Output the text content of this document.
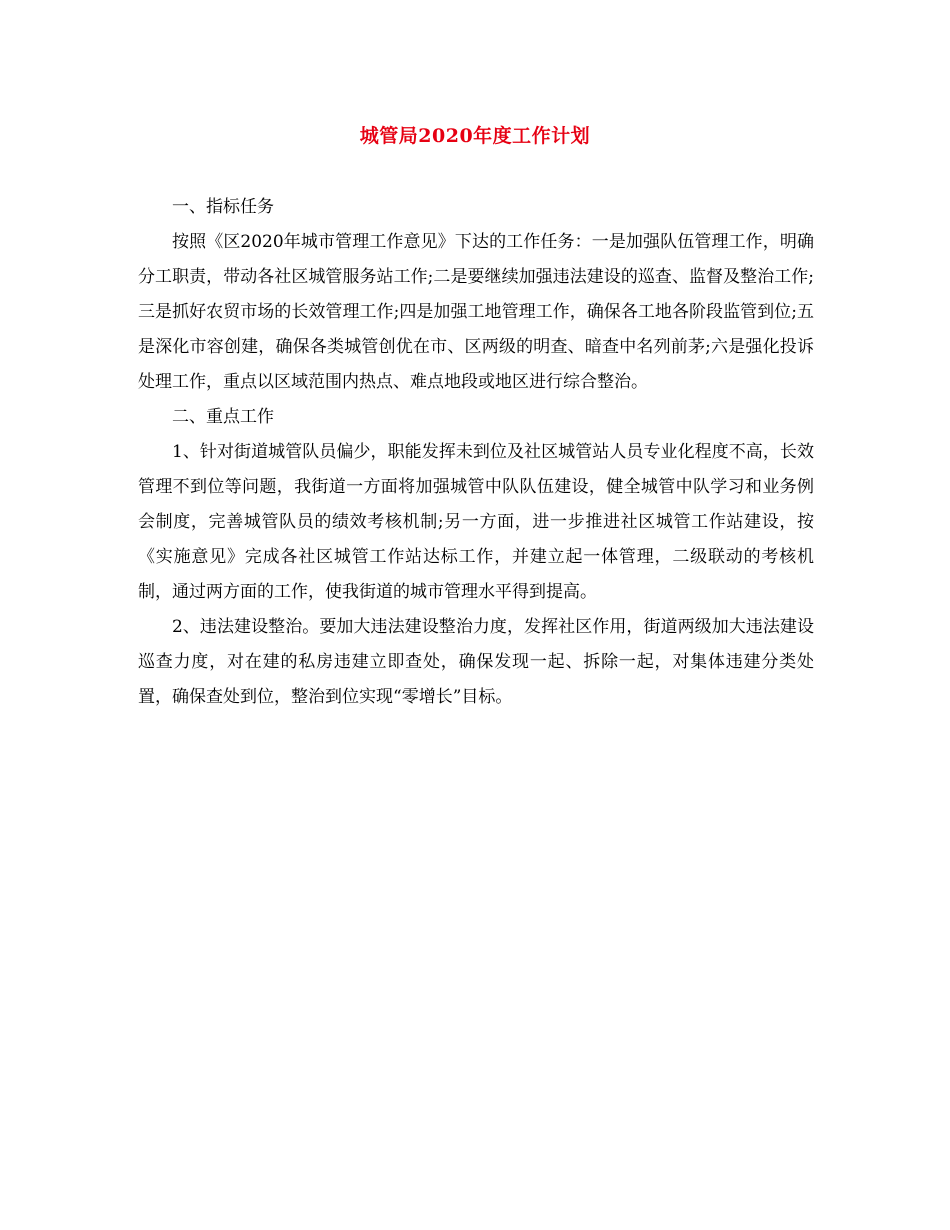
城管局2020年度工作计划

一、指标任务

按照《区2020年城市管理工作意见》下达的工作任务：一是加强队伍管理工作，明确分工职责，带动各社区城管服务站工作;二是要继续加强违法建设的巡查、监督及整治工作;三是抓好农贸市场的长效管理工作;四是加强工地管理工作，确保各工地各阶段监管到位;五是深化市容创建，确保各类城管创优在市、区两级的明查、暗查中名列前茅;六是强化投诉处理工作，重点以区域范围内热点、难点地段或地区进行综合整治。

二、重点工作

1、针对街道城管队员偏少，职能发挥未到位及社区城管站人员专业化程度不高，长效管理不到位等问题，我街道一方面将加强城管中队队伍建设，健全城管中队学习和业务例会制度，完善城管队员的绩效考核机制;另一方面，进一步推进社区城管工作站建设，按《实施意见》完成各社区城管工作站达标工作，并建立起一体管理，二级联动的考核机制，通过两方面的工作，使我街道的城市管理水平得到提高。

2、违法建设整治。要加大违法建设整治力度，发挥社区作用，街道两级加大违法建设巡查力度，对在建的私房违建立即查处，确保发现一起、拆除一起，对集体违建分类处置，确保查处到位，整治到位实现“零增长”目标。
